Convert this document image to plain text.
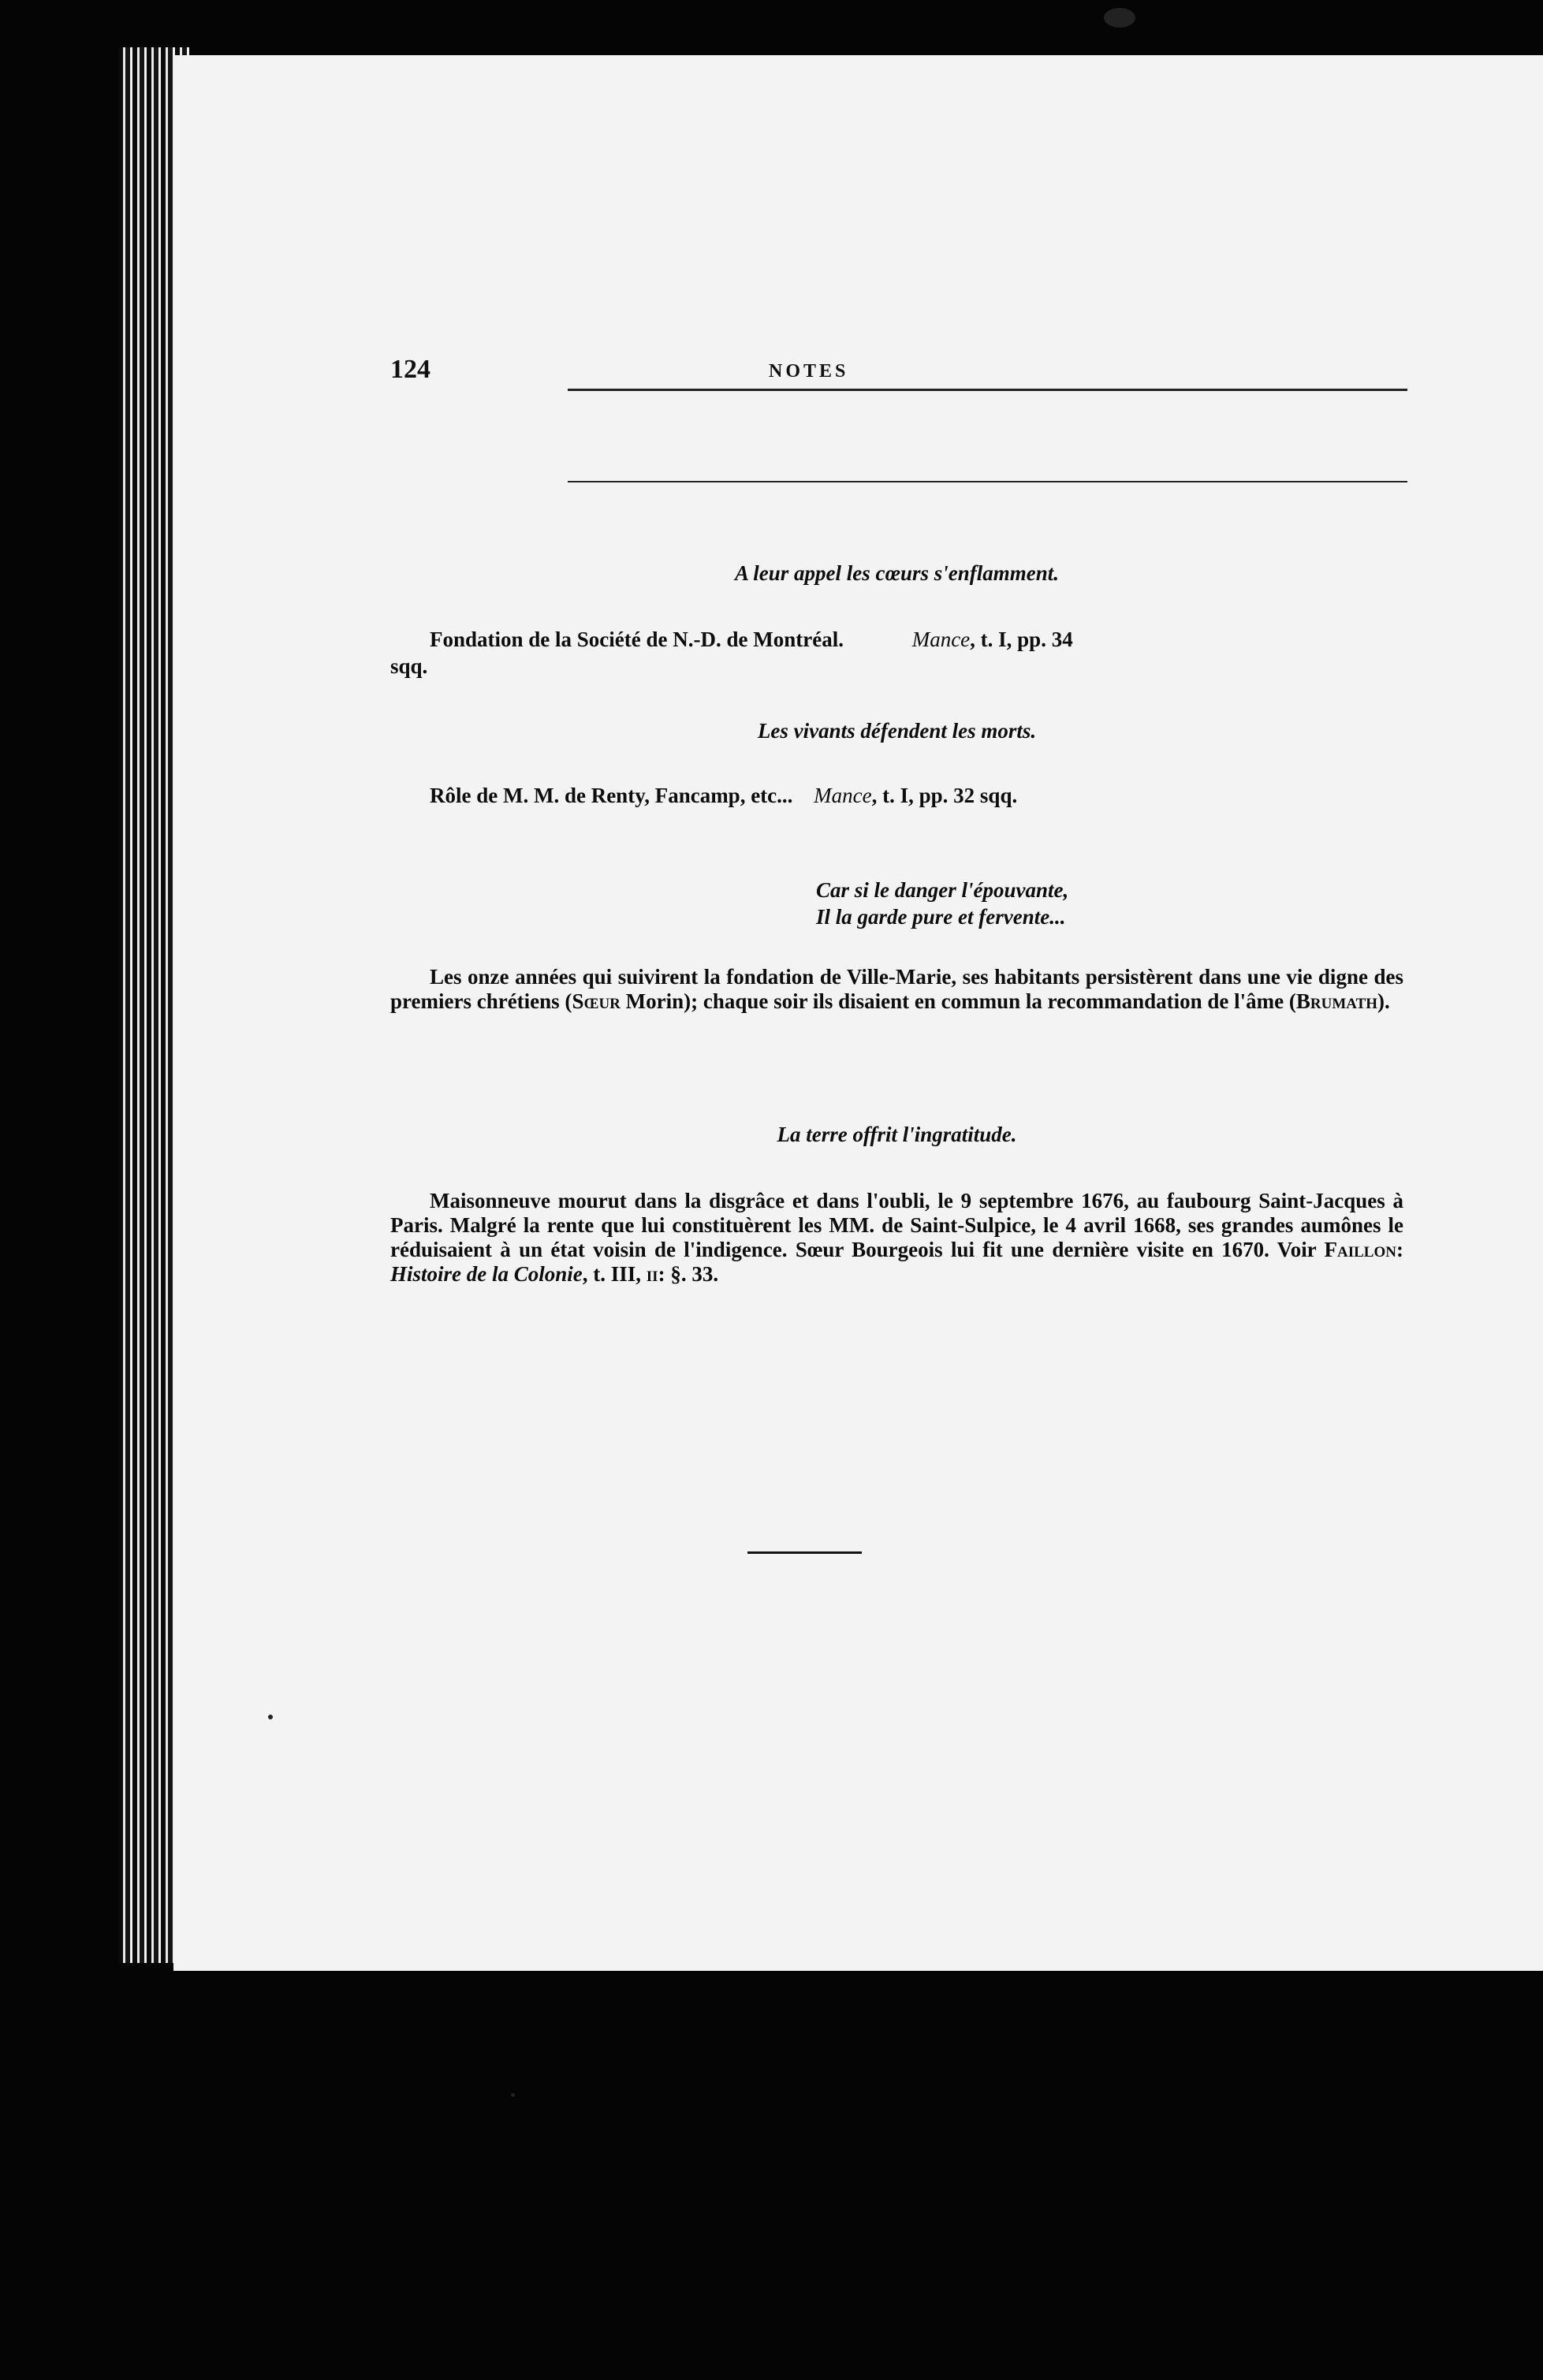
124	NOTES
A leur appel les cœurs s'enflamment.
Fondation de la Société de N.-D. de Montréal.	Mance, t. I, pp. 34
sqq.
Les vivants défendent les morts.
Rôle de M. M. de Renty, Fancamp, etc... Mance, t. I, pp. 32 sqq.
Car si le danger l'épouvante,
Il la garde pure et fervente...
Les onze années qui suivirent la fondation de Ville-Marie, ses habitants persistèrent dans une vie digne des premiers chrétiens (Sœur Morin); chaque soir ils disaient en commun la recommandation de l'âme (Brumath).
La terre offrit l'ingratitude.
Maisonneuve mourut dans la disgrâce et dans l'oubli, le 9 septembre 1676, au faubourg Saint-Jacques à Paris. Malgré la rente que lui constituèrent les MM. de Saint-Sulpice, le 4 avril 1668, ses grandes aumônes le réduisaient à un état voisin de l'indigence. Sœur Bourgeois lui fit une dernière visite en 1670. Voir Faillon: Histoire de la Colonie, t. III, ii: §. 33.
